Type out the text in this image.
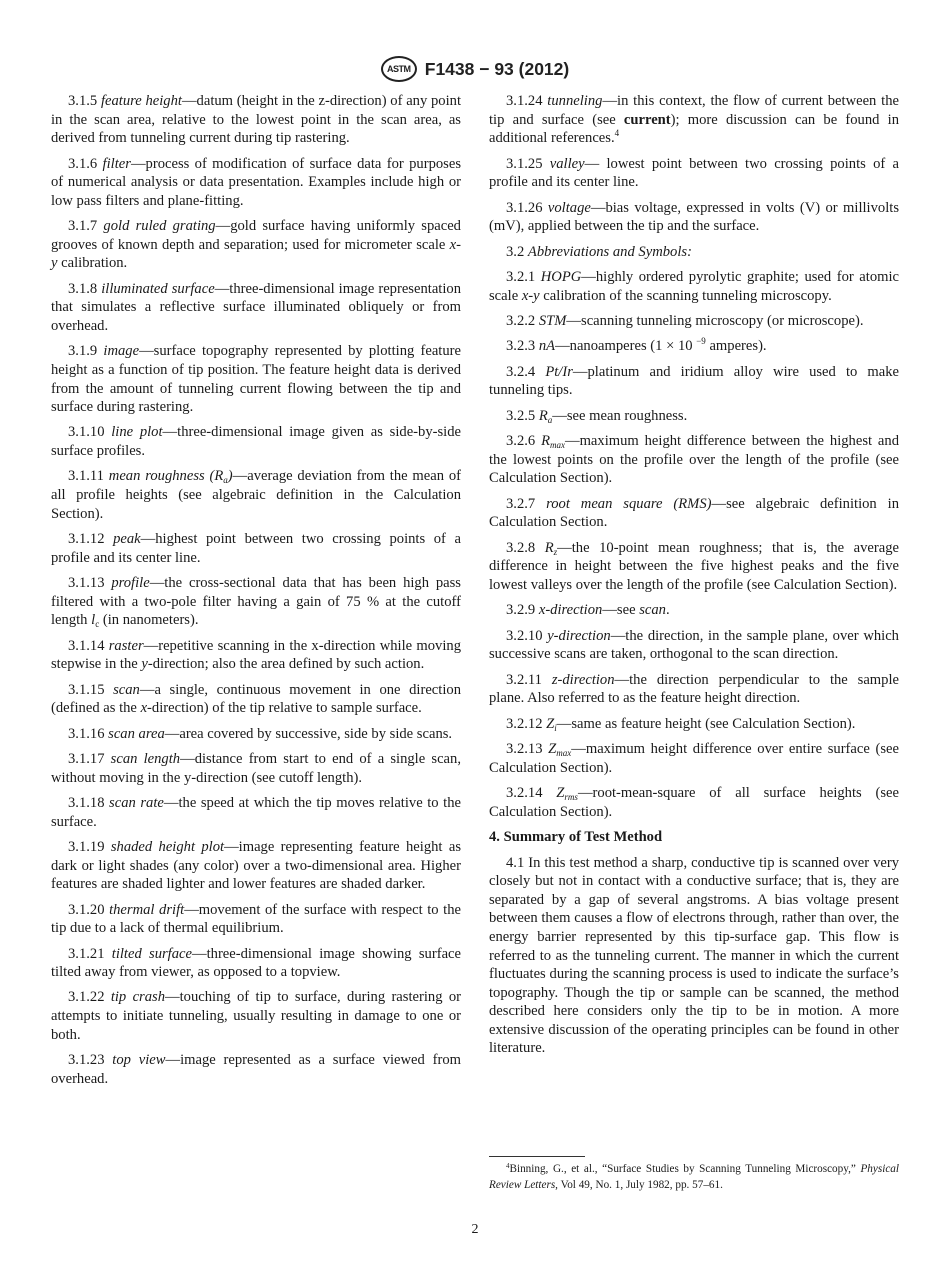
ASTM F1438 − 93 (2012)

3.1.5 feature height—datum (height in the z-direction) of any point in the scan area, relative to the lowest point in the scan area, as derived from tunneling current during tip rastering.

3.1.6 filter—process of modification of surface data for purposes of numerical analysis or data presentation. Examples include high or low pass filters and plane-fitting.

3.1.7 gold ruled grating—gold surface having uniformly spaced grooves of known depth and separation; used for micrometer scale x-y calibration.

3.1.8 illuminated surface—three-dimensional image representation that simulates a reflective surface illuminated obliquely or from overhead.

3.1.9 image—surface topography represented by plotting feature height as a function of tip position. The feature height data is derived from the amount of tunneling current flowing between the tip and surface during rastering.

3.1.10 line plot—three-dimensional image given as side-by-side surface profiles.

3.1.11 mean roughness $(R_a)—average$ deviation from the mean of all profile heights (see algebraic definition in the Calculation Section).

3.1.12 peak—highest point between two crossing points of a profile and its center line.

3.1.13 profile—the cross-sectional data that has been high pass filtered with a two-pole filter having a gain of 75 % at the cutoff length $l_c$ (in nanometers).

3.1.14 raster—repetitive scanning in the x-direction while moving stepwise in the y-direction; also the area defined by such action.

3.1.15 scan—a single, continuous movement in one direction (defined as the x-direction) of the tip relative to sample surface.

3.1.16 scan area—area covered by successive, side by side scans.

3.1.17 scan length—distance from start to end of a single scan, without moving in the y-direction (see cutoff length).

3.1.18 scan rate—the speed at which the tip moves relative to the surface.

3.1.19 shaded height plot—image representing feature height as dark or light shades (any color) over a two-dimensional area. Higher features are shaded lighter and lower features are shaded darker.

3.1.20 thermal drift—movement of the surface with respect to the tip due to a lack of thermal equilibrium.

3.1.21 tilted surface—three-dimensional image showing surface tilted away from viewer, as opposed to a topview.

3.1.22 tip crash—touching of tip to surface, during rastering or attempts to initiate tunneling, usually resulting in damage to one or both.

3.1.23 top view—image represented as a surface viewed from overhead.

3.1.24 tunneling—in this context, the flow of current between the tip and surface (see current); more discussion can be found in additional references.$^4$

3.1.25 valley— lowest point between two crossing points of a profile and its center line.

3.1.26 voltage—bias voltage, expressed in volts (V) or millivolts (mV), applied between the tip and the surface.

3.2 Abbreviations and Symbols:

3.2.1 HOPG—highly ordered pyrolytic graphite; used for atomic scale x-y calibration of the scanning tunneling microscopy.

3.2.2 STM—scanning tunneling microscopy (or microscope).

3.2.3 nA—nanoamperes (1 × 10 $^{-9}$ amperes).

3.2.4 Pt/Ir—platinum and iridium alloy wire used to make tunneling tips.

3.2.5 $R_a—see$ mean roughness.

3.2.6 $R_{max}—maximum$ height difference between the highest and the lowest points on the profile over the length of the profile (see Calculation Section).

3.2.7 root mean square (RMS)—see algebraic definition in Calculation Section.

3.2.8 $R_z—the$ 10-point mean roughness; that is, the average difference in height between the five highest peaks and the five lowest valleys over the length of the profile (see Calculation Section).

3.2.9 x-direction—see scan.

3.2.10 y-direction—the direction, in the sample plane, over which successive scans are taken, orthogonal to the scan direction.

3.2.11 z-direction—the direction perpendicular to the sample plane. Also referred to as the feature height direction.

3.2.12 $Z_i—same$ as feature height (see Calculation Section).

3.2.13 $Z_{max}—maximum$ height difference over entire surface (see Calculation Section).

3.2.14 $Z_{rms}—root-mean$-square of all surface heights (see Calculation Section).

4. Summary of Test Method

4.1 In this test method a sharp, conductive tip is scanned over very closely but not in contact with a conductive surface; that is, they are separated by a gap of several angstroms. A bias voltage present between them causes a flow of electrons through, rather than over, the energy barrier represented by this tip-surface gap. This flow is referred to as the tunneling current. The manner in which the current fluctuates during the scanning process is used to indicate the surface’s topography. Though the tip or sample can be scanned, the method described here considers only the tip to be in motion. A more extensive discussion of the operating principles can be found in other literature.

$^4$Binning, G., et al., “Surface Studies by Scanning Tunneling Microscopy,” Physical Review Letters, Vol 49, No. 1, July 1982, pp. 57–61.
2
